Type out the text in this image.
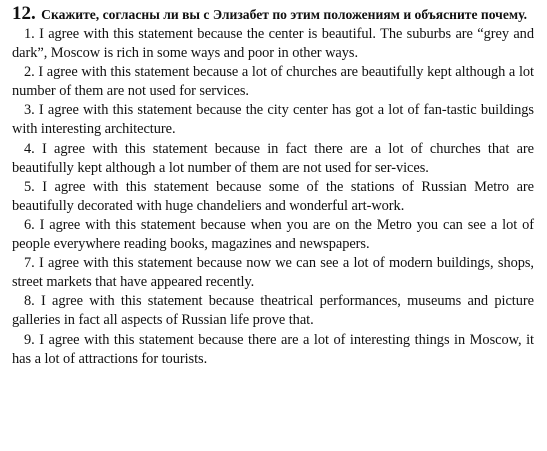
12. Скажите, согласны ли вы с Элизабет по этим положениям и объясните почему.

1. I agree with this statement because the center is beautiful. The suburbs are “grey and dark”, Moscow is rich in some ways and poor in other ways.
2. I agree with this statement because a lot of churches are beautifully kept although a lot number of them are not used for services.
3. I agree with this statement because the city center has got a lot of fan-tastic buildings with interesting architecture.
4. I agree with this statement because in fact there are a lot of churches that are beautifully kept although a lot number of them are not used for ser-vices.
5. I agree with this statement because some of the stations of Russian Metro are beautifully decorated with huge chandeliers and wonderful art-work.
6. I agree with this statement because when you are on the Metro you can see a lot of people everywhere reading books, magazines and newspapers.
7. I agree with this statement because now we can see a lot of modern buildings, shops, street markets that have appeared recently.
8. I agree with this statement because theatrical performances, museums and picture galleries in fact all aspects of Russian life prove that.
9. I agree with this statement because there are a lot of interesting things in Moscow, it has a lot of attractions for tourists.
